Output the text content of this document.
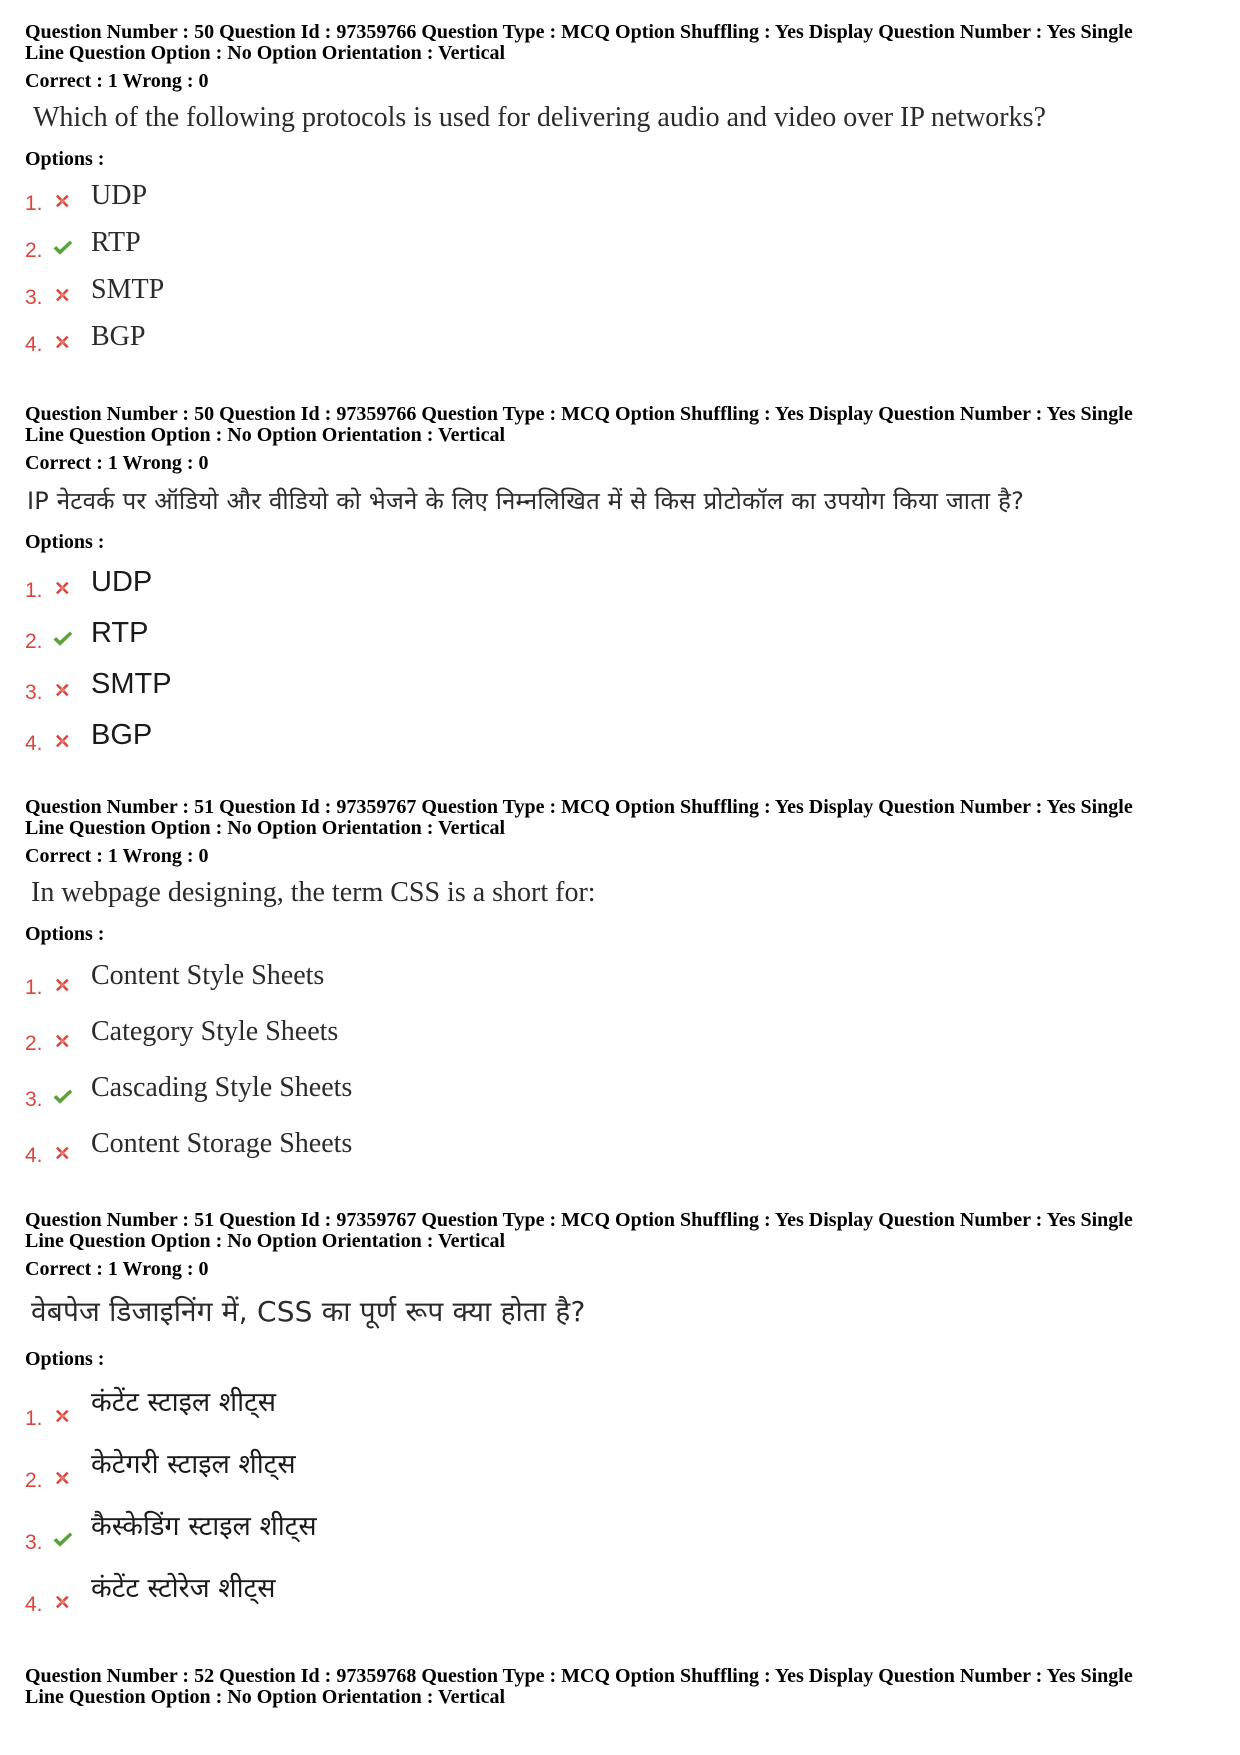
Question Number : 50 Question Id : 97359766 Question Type : MCQ Option Shuffling : Yes Display Question Number : Yes Single
Line Question Option : No Option Orientation : Vertical
Correct : 1 Wrong : 0
Which of the following protocols is used for delivering audio and video over IP networks?
Options :
1. UDP
2. RTP
3. SMTP
4. BGP
Question Number : 50 Question Id : 97359766 Question Type : MCQ Option Shuffling : Yes Display Question Number : Yes Single
Line Question Option : No Option Orientation : Vertical
Correct : 1 Wrong : 0
IP नेटवर्क पर ऑडियो और वीडियो को भेजने के लिए निम्नलिखित में से किस प्रोटोकॉल का उपयोग किया जाता है?
Options :
1. UDP
2. RTP
3. SMTP
4. BGP
Question Number : 51 Question Id : 97359767 Question Type : MCQ Option Shuffling : Yes Display Question Number : Yes Single
Line Question Option : No Option Orientation : Vertical
Correct : 1 Wrong : 0
In webpage designing, the term CSS is a short for:
Options :
1. Content Style Sheets
2. Category Style Sheets
3. Cascading Style Sheets
4. Content Storage Sheets
Question Number : 51 Question Id : 97359767 Question Type : MCQ Option Shuffling : Yes Display Question Number : Yes Single
Line Question Option : No Option Orientation : Vertical
Correct : 1 Wrong : 0
वेबपेज डिजाइनिंग में, CSS का पूर्ण रूप क्या होता है?
Options :
1.
कंटेंट स्टाइल शीट्स
2.
केटेगरी स्टाइल शीट्स
3.
कैस्केडिंग स्टाइल शीट्स
4.
कंटेंट स्टोरेज शीट्स
Question Number : 52 Question Id : 97359768 Question Type : MCQ Option Shuffling : Yes Display Question Number : Yes Single
Line Question Option : No Option Orientation : Vertical
